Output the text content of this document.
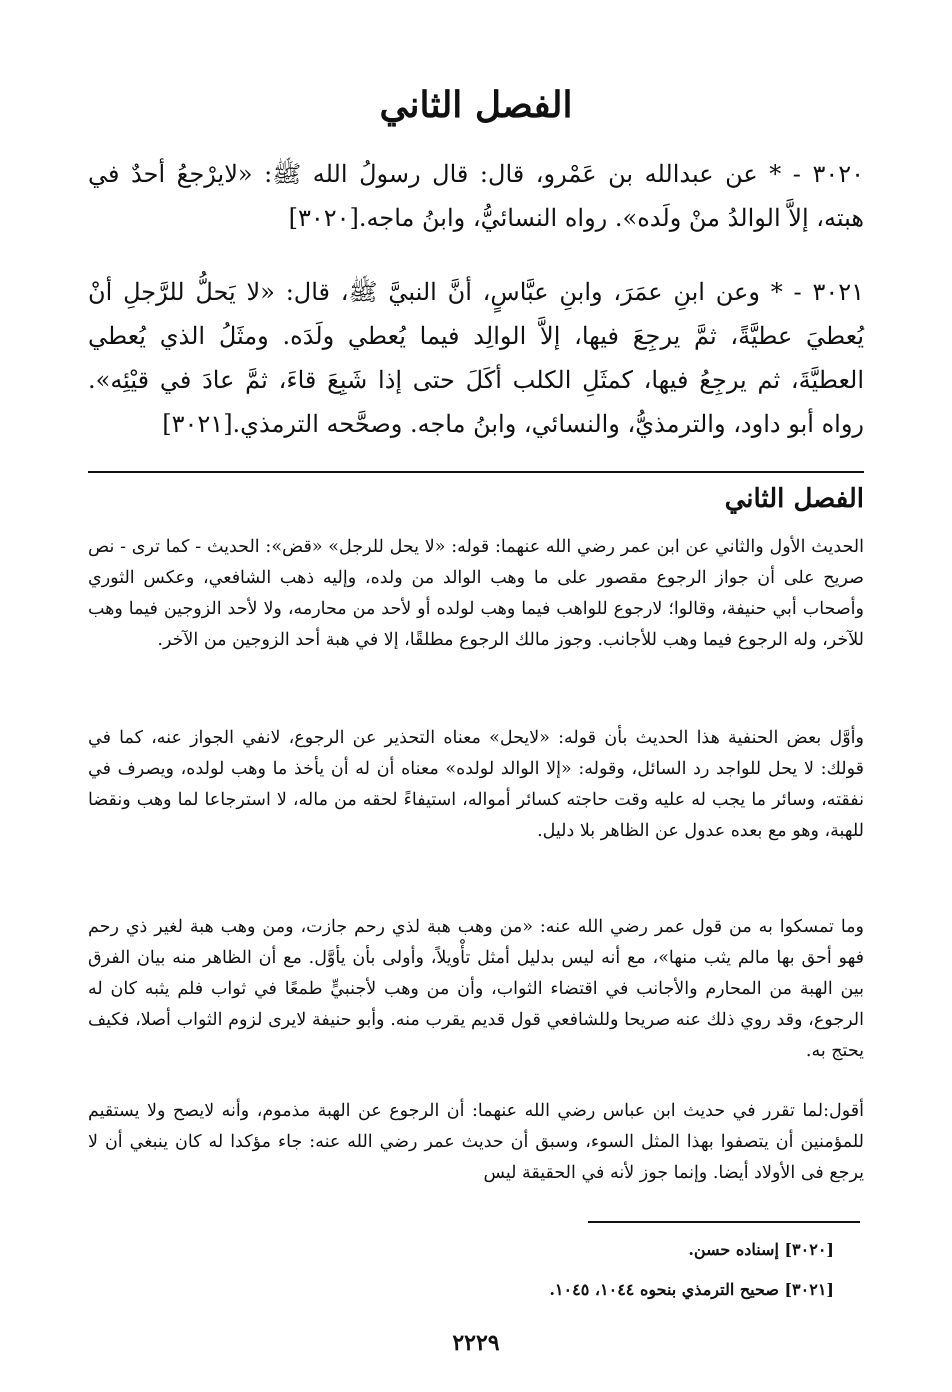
الفصل الثاني
٣٠٢٠ - * عن عبدالله بن عَمْرو، قال: قال رسولُ الله ﷺ: «لايرْجعُ أحدٌ في هبته، إلاَّ الوالدُ منْ ولَده». رواه النسائيُّ، وابنُ ماجه.[٣٠٢٠]
٣٠٢١ - * وعن ابنِ عمَرَ، وابنِ عبَّاسٍ، أنَّ النبيَّ ﷺ، قال: «لا يَحلُّ للرَّجلِ أنْ يُعطيَ عطيَّةً، ثمَّ يرجِعَ فيها، إلاَّ الوالِد فيما يُعطي ولَدَه. ومثَلُ الذي يُعطي العطيَّةَ، ثم يرجِعُ فيها، كمثَلِ الكلب أكَلَ حتى إذا شَبِعَ قاءَ، ثمَّ عادَ في قيْئِه». رواه أبو داود، والترمذيُّ، والنسائي، وابنُ ماجه. وصحَّحه الترمذي.[٣٠٢١]
الفصل الثاني

الحديث الأول والثاني عن ابن عمر رضي الله عنهما: قوله: «لا يحل للرجل» «قض»: الحديث - كما ترى - نص صريح على أن جواز الرجوع مقصور على ما وهب الوالد من ولده، وإليه ذهب الشافعي، وعكس الثوري وأصحاب أبي حنيفة، وقالوا؛ لارجوع للواهب فيما وهب لولده أو لأحد من محارمه، ولا لأحد الزوجين فيما وهب للآخر، وله الرجوع فيما وهب للأجانب. وجوز مالك الرجوع مطلقًا، إلا في هبة أحد الزوجين من الآخر.

وأوَّل بعض الحنفية هذا الحديث بأن قوله: «لايحل» معناه التحذير عن الرجوع، لانفي الجواز عنه، كما في قولك: لا يحل للواجد رد السائل، وقوله: «إلا الوالد لولده» معناه أن له أن يأخذ ما وهب لولده، ويصرف في نفقته، وسائر ما يجب له عليه وقت حاجته كسائر أمواله، استيفاءً لحقه من ماله، لا استرجاعا لما وهب ونقضا للهبة، وهو مع بعده عدول عن الظاهر بلا دليل.

وما تمسكوا به من قول عمر رضي الله عنه: «من وهب هبة لذي رحم جازت، ومن وهب هبة لغير ذي رحم فهو أحق بها مالم يثب منها»، مع أنه ليس بدليل أمثل تأْويلاً، وأولى بأن يأوَّل. مع أن الظاهر منه بيان الفرق بين الهبة من المحارم والأجانب في اقتضاء الثواب، وأن من وهب لأجنبيٍّ طمعًا في ثواب فلم يثبه كان له الرجوع، وقد روي ذلك عنه صريحا وللشافعي قول قديم يقرب منه. وأبو حنيفة لايرى لزوم الثواب أصلا، فكيف يحتج به.

أقول:لما تقرر في حديث ابن عباس رضي الله عنهما: أن الرجوع عن الهبة مذموم، وأنه لايصح ولا يستقيم للمؤمنين أن يتصفوا بهذا المثل السوء، وسبق أن حديث عمر رضي الله عنه: جاء مؤكدا له كان ينبغي أن لا يرجع فى الأولاد أيضا. وإنما جوز لأنه في الحقيقة ليس

[٣٠٢٠] إسناده حسن.
[٣٠٢١] صحيح الترمذي بنحوه ١٠٤٤، ١٠٤٥.
٢٢٢٩
